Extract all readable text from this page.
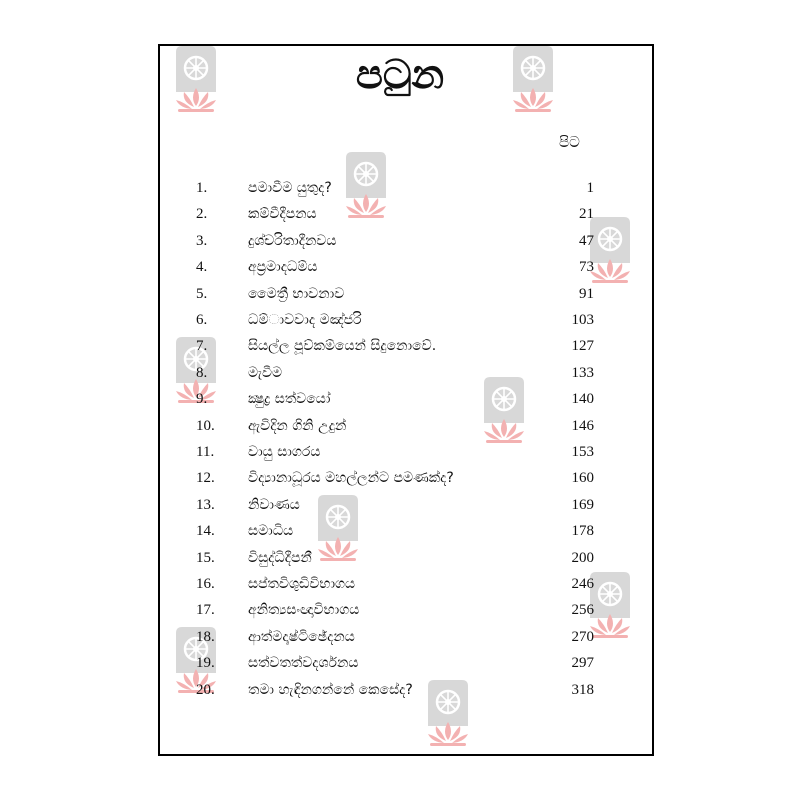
පටුන
පිට
1.	පමාවීම යුතුද?	1
2.	කම්වීදීපනය	21
3.	දුශ්චරිතාදීනවය	47
4.	අප්‍රමාදධම්ය	73
5.	මෛත්‍රී භාවනාව	91
6.	ධම්ාවවාද මඤ්ජරි	103
7.	සියල්ල පූව්කම්යෙන් සිදුනොවේ.	127
8.	මැවීම	133
9.	ක්‍ෂුද්‍ර සත්වයෝ	140
10.	ඇවිදින ගිනි උදුන්	146
11.	වායු සාගරය	153
12.	විද්‍යානාධූරය මහල්ලන්ට පමණක්ද?	160
13.	නිවාණය	169
14.	සමාධිය	178
15.	විසුද්ධිදීපනී	200
16.	සප්තවිශුඩිවිභාගය	246
17.	අනිත්‍යසංඥාවිභාගය	256
18.	ආත්මදෘෂ්ටිඡේදනය	270
19.	සත්වතත්වදර්ශනය	297
20.	තමා හැඳිනගන්නේ කෙසේද?	318
